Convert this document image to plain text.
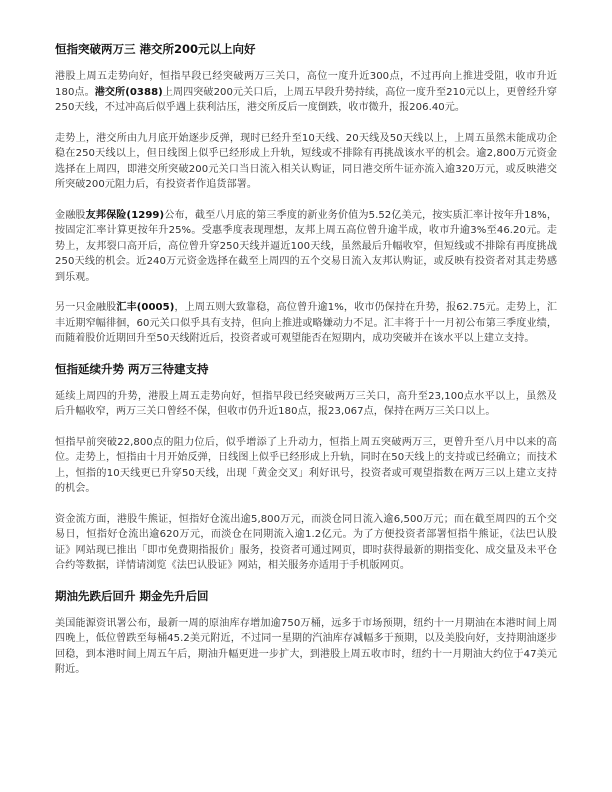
恒指突破两万三 港交所200元以上向好

港股上周五走势向好，恒指早段已经突破两万三关口，高位一度升近300点，不过再向上推进受阻，收市升近180点。港交所(0388)上周四突破200元关口后，上周五早段升势持续，高位一度升至210元以上，更曾经升穿250天线，不过冲高后似乎遇上获利沽压，港交所反后一度倒跌，收市微升，报206.40元。

走势上，港交所由九月底开始逐步反弹，现时已经升至10天线、20天线及50天线以上，上周五虽然未能成功企稳在250天线以上，但日线图上似乎已经形成上升轨，短线或不排除有再挑战该水平的机会。逾2,800万元资金选择在上周四，即港交所突破200元关口当日流入相关认购证，同日港交所牛证亦流入逾320万元，或反映港交所突破200元阻力后，有投资者作追货部署。

金融股友邦保险(1299)公布，截至八月底的第三季度的新业务价值为5.52亿美元，按实质汇率计按年升18%，按固定汇率计算更按年升25%。受惠季度表现理想，友邦上周五高位曾升逾半成，收市升逾3%至46.20元。走势上，友邦裂口高开后，高位曾升穿250天线并逼近100天线，虽然最后升幅收窄，但短线或不排除有再度挑战250天线的机会。近240万元资金选择在截至上周四的五个交易日流入友邦认购证，或反映有投资者对其走势感到乐观。

另一只金融股汇丰(0005)，上周五则大致靠稳，高位曾升逾1%，收市仍保持在升势，报62.75元。走势上，汇丰近期窄幅徘徊，60元关口似乎具有支持，但向上推进或略嫌动力不足。汇丰将于十一月初公布第三季度业绩，而随着股价近期回升至50天线附近后，投资者或可观望能否在短期内，成功突破并在该水平以上建立支持。

恒指延续升势 两万三待建支持

延续上周四的升势，港股上周五走势向好，恒指早段已经突破两万三关口，高升至23,100点水平以上，虽然及后升幅收窄，两万三关口曾经不保，但收市仍升近180点，报23,067点，保持在两万三关口以上。

恒指早前突破22,800点的阻力位后，似乎增添了上升动力，恒指上周五突破两万三，更曾升至八月中以来的高位。走势上，恒指由十月开始反弹，日线图上似乎已经形成上升轨，同时在50天线上的支持或已经确立；而技术上，恒指的10天线更已升穿50天线，出现「黄金交叉」利好讯号，投资者或可观望指数在两万三以上建立支持的机会。

资金流方面，港股牛熊证，恒指好仓流出逾5,800万元，而淡仓同日流入逾6,500万元；而在截至周四的五个交易日，恒指好仓流出逾620万元，而淡仓在同期流入逾1.2亿元。为了方便投资者部署恒指牛熊证，《法巴认股证》网站现已推出「即市免费期指报价」服务，投资者可通过网页，即时获得最新的期指变化、成交量及未平仓合约等数据，详情请浏览《法巴认股证》网站，相关服务亦适用于手机版网页。

期油先跌后回升 期金先升后回

美国能源资讯署公布，最新一周的原油库存增加逾750万桶，远多于市场预期，纽约十一月期油在本港时间上周四晚上，低位曾跌至每桶45.2美元附近，不过同一星期的汽油库存减幅多于预期，以及美股向好，支持期油逐步回稳，到本港时间上周五午后，期油升幅更进一步扩大，到港股上周五收市时，纽约十一月期油大约位于47美元附近。
